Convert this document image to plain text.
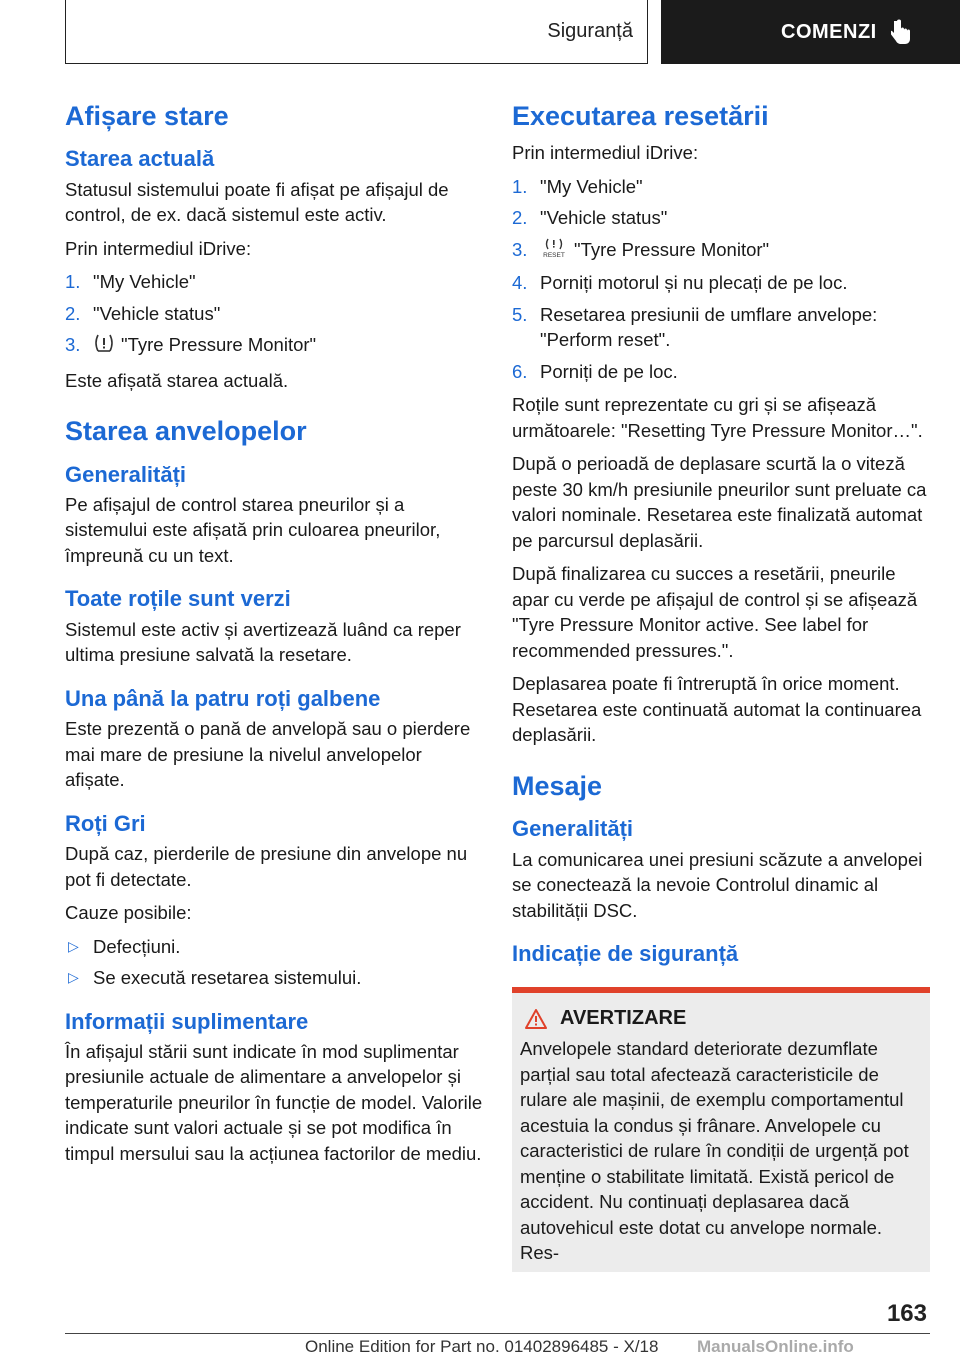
Siguranță	COMENZI
Afișare stare
Starea actuală

Statusul sistemului poate fi afișat pe afișajul de control, de ex. dacă sistemul este activ.

Prin intermediul iDrive:

1. "My Vehicle"
2. "Vehicle status"
3. "Tyre Pressure Monitor"

Este afișată starea actuală.

Starea anvelopelor
Generalități

Pe afișajul de control starea pneurilor și a sistemului este afișată prin culoarea pneurilor, împreună cu un text.

Toate roțile sunt verzi

Sistemul este activ și avertizează luând ca reper ultima presiune salvată la resetare.

Una până la patru roți galbene

Este prezentă o pană de anvelopă sau o pierdere mai mare de presiune la nivelul anvelopelor afișate.

Roți Gri

După caz, pierderile de presiune din anvelope nu pot fi detectate.

Cauze posibile:

▷ Defecțiuni.
▷ Se execută resetarea sistemului.
Informații suplimentare

În afișajul stării sunt indicate în mod suplimentar presiunile actuale de alimentare a anvelopelor și temperaturile pneurilor în funcție de model. Valorile indicate sunt valori actuale și se pot modifica în timpul mersului sau la acțiunea factorilor de mediu.

Executarea resetării

Prin intermediul iDrive:

1. "My Vehicle"
2. "Vehicle status"
3. RESET "Tyre Pressure Monitor"
4. Porniți motorul și nu plecați de pe loc.
5. Resetarea presiunii de umflare anvelope: "Perform reset".
6. Porniți de pe loc.

Roțile sunt reprezentate cu gri și se afișează următoarele: "Resetting Tyre Pressure Monitor…".

După o perioadă de deplasare scurtă la o viteză peste 30 km/h presiunile pneurilor sunt preluate ca valori nominale. Resetarea este finalizată automat pe parcursul deplasării.

După finalizarea cu succes a resetării, pneurile apar cu verde pe afișajul de control și se afișează "Tyre Pressure Monitor active. See label for recommended pressures.".

Deplasarea poate fi întreruptă în orice moment. Resetarea este continuată automat la continuarea deplasării.

Mesaje
Generalități

La comunicarea unei presiuni scăzute a anvelopei se conectează la nevoie Controlul dinamic al stabilității DSC.

Indicație de siguranță
AVERTIZARE

Anvelopele standard deteriorate dezumflate parțial sau total afectează caracteristicile de rulare ale mașinii, de exemplu comportamentul acestuia la condus și frânare. Anvelopele cu caracteristici de rulare în condiții de urgență pot menține o stabilitate limitată. Există pericol de accident. Nu continuați deplasarea dacă autovehicul este dotat cu anvelope normale. Res-

163
Online Edition for Part no. 01402896485 - X/18 ManualsOnline.info
